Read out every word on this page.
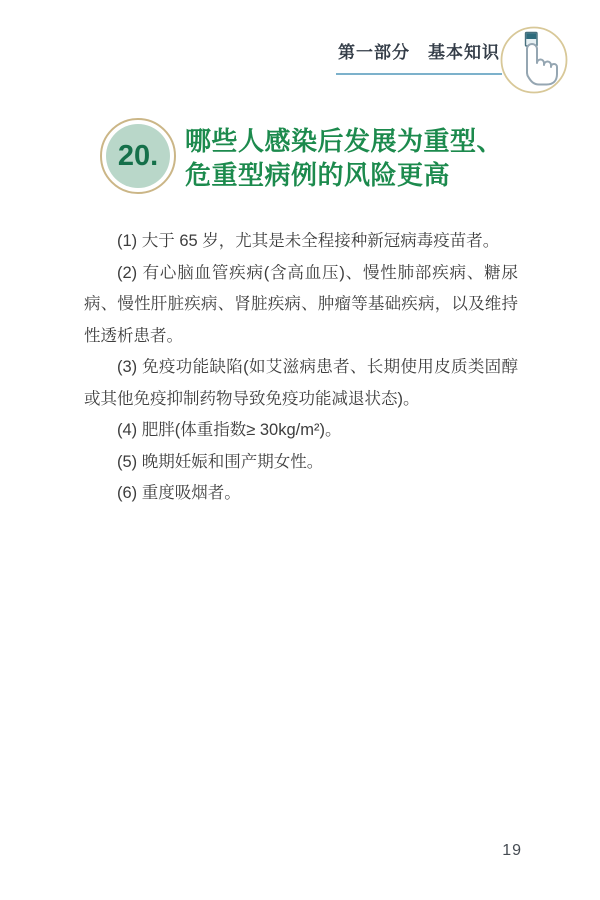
第一部分　基本知识
20.	哪些人感染后发展为重型、
危重型病例的风险更高

(1) 大于 65 岁，尤其是未全程接种新冠病毒疫苗者。

(2) 有心脑血管疾病(含高血压)、慢性肺部疾病、糖尿病、慢性肝脏疾病、肾脏疾病、肿瘤等基础疾病，以及维持性透析患者。

(3) 免疫功能缺陷(如艾滋病患者、长期使用皮质类固醇或其他免疫抑制药物导致免疫功能减退状态)。

(4) 肥胖(体重指数≥ 30kg/m²)。

(5) 晚期妊娠和围产期女性。

(6) 重度吸烟者。

19
